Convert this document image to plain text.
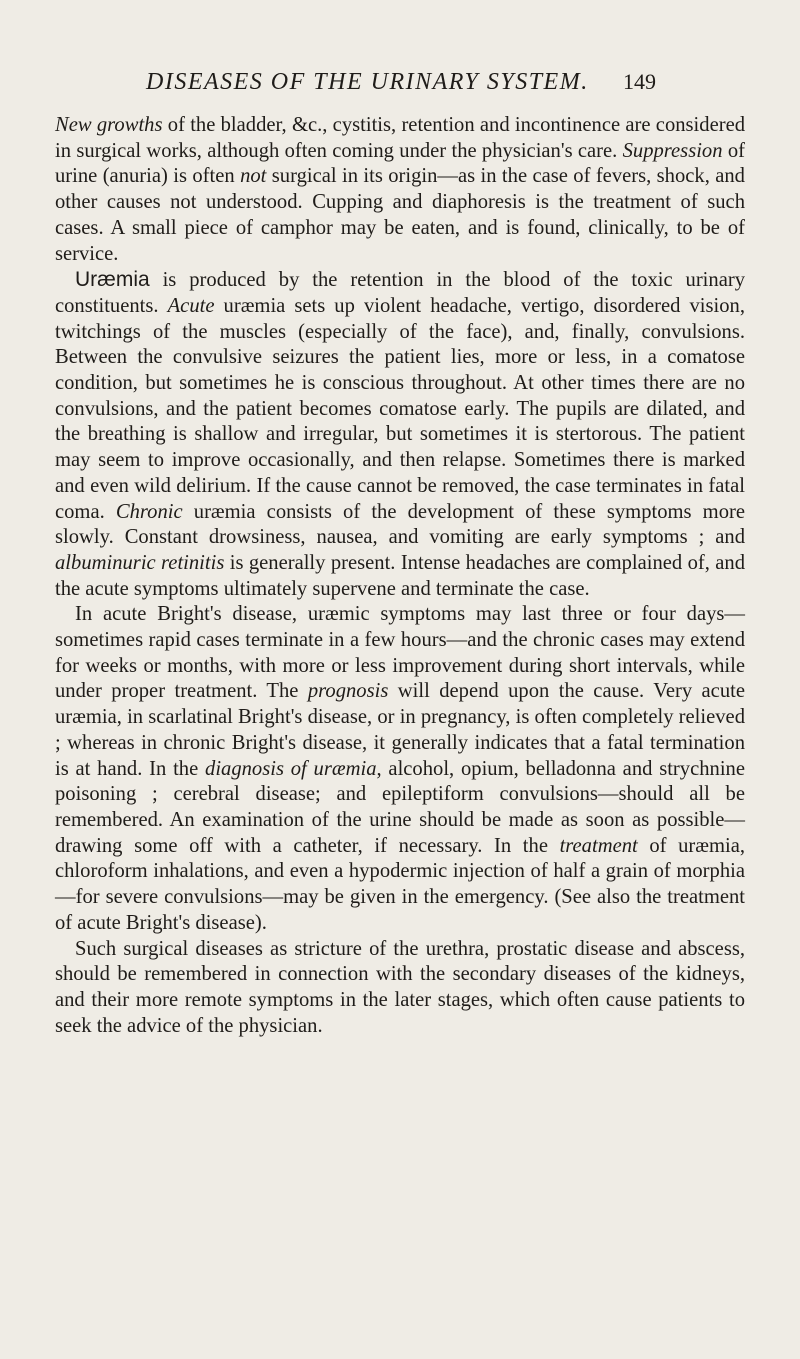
DISEASES OF THE URINARY SYSTEM. 149

New growths of the bladder, &c., cystitis, retention and incontinence are considered in surgical works, although often coming under the physician's care. Suppression of urine (anuria) is often not surgical in its origin—as in the case of fevers, shock, and other causes not understood. Cupping and diaphoresis is the treatment of such cases. A small piece of camphor may be eaten, and is found, clinically, to be of service.

Uræmia is produced by the retention in the blood of the toxic urinary constituents. Acute uræmia sets up violent headache, vertigo, disordered vision, twitchings of the muscles (especially of the face), and, finally, convulsions. Between the convulsive seizures the patient lies, more or less, in a comatose condition, but sometimes he is conscious throughout. At other times there are no convulsions, and the patient becomes comatose early. The pupils are dilated, and the breathing is shallow and irregular, but sometimes it is stertorous. The patient may seem to improve occasionally, and then relapse. Sometimes there is marked and even wild delirium. If the cause cannot be removed, the case terminates in fatal coma. Chronic uræmia consists of the development of these symptoms more slowly. Constant drowsiness, nausea, and vomiting are early symptoms ; and albuminuric retinitis is generally present. Intense headaches are complained of, and the acute symptoms ultimately supervene and terminate the case.

In acute Bright's disease, uræmic symptoms may last three or four days—sometimes rapid cases terminate in a few hours—and the chronic cases may extend for weeks or months, with more or less improvement during short intervals, while under proper treatment. The prognosis will depend upon the cause. Very acute uræmia, in scarlatinal Bright's disease, or in pregnancy, is often completely relieved ; whereas in chronic Bright's disease, it generally indicates that a fatal termination is at hand. In the diagnosis of uræmia, alcohol, opium, belladonna and strychnine poisoning ; cerebral disease; and epileptiform convulsions—should all be remembered. An examination of the urine should be made as soon as possible—drawing some off with a catheter, if necessary. In the treatment of uræmia, chloroform inhalations, and even a hypodermic injection of half a grain of morphia—for severe convulsions—may be given in the emergency. (See also the treatment of acute Bright's disease).

Such surgical diseases as stricture of the urethra, prostatic disease and abscess, should be remembered in connection with the secondary diseases of the kidneys, and their more remote symptoms in the later stages, which often cause patients to seek the advice of the physician.
